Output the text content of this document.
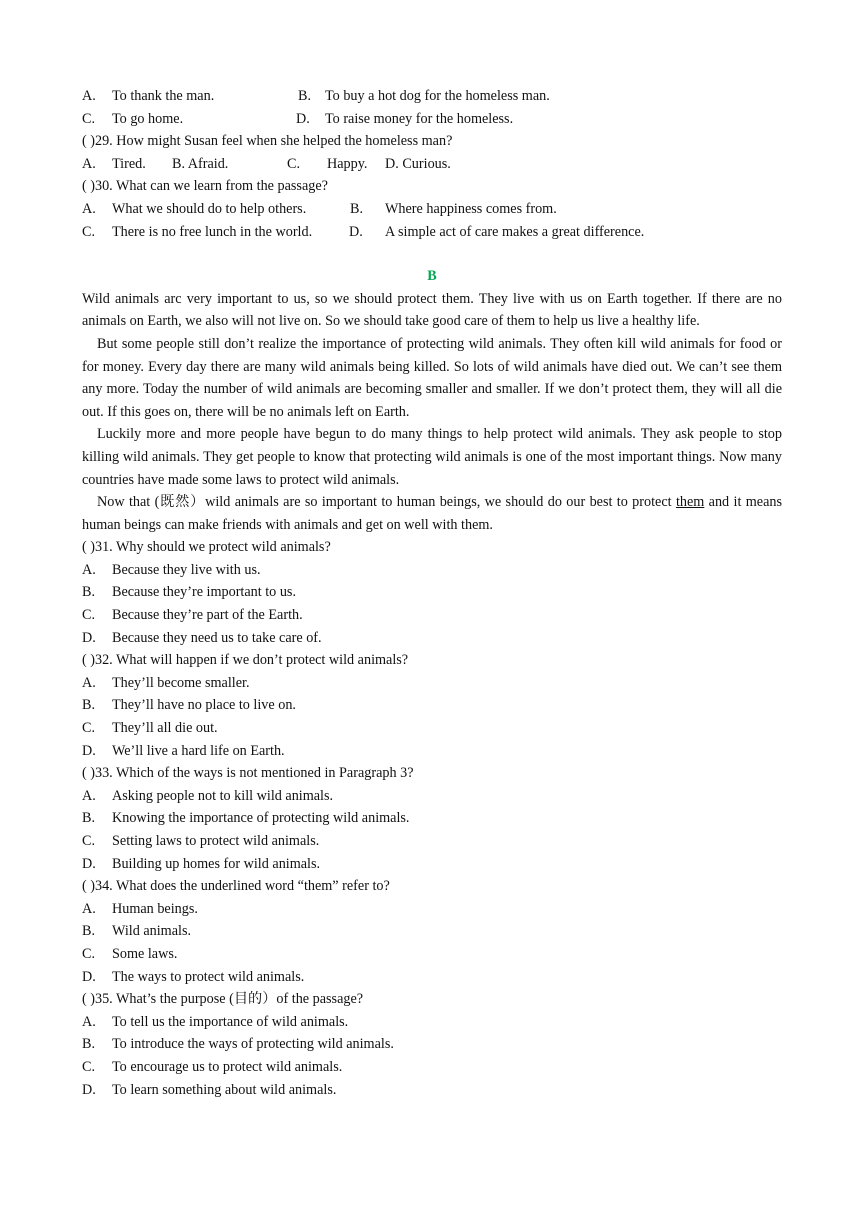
A. To thank the man.	B. To buy a hot dog for the homeless man.
C. To go home.	D. To raise money for the homeless.
( )29. How might Susan feel when she helped the homeless man?
A. Tired. B. Afraid.	C. Happy. D. Curious.
( )30. What can we learn from the passage?
A. What we should do to help others.	B. Where happiness comes from.
C. There is no free lunch in the world.	D. A simple act of care makes a great difference.
B
Wild animals arc very important to us, so we should protect them. They live with us on Earth together. If there are no animals on Earth, we also will not live on. So we should take good care of them to help us live a healthy life.
But some people still don’t realize the importance of protecting wild animals. They often kill wild animals for food or for money. Every day there are many wild animals being killed. So lots of wild animals have died out. We can’t see them any more. Today the number of wild animals are becoming smaller and smaller. If we don’t protect them, they will all die out. If this goes on, there will be no animals left on Earth.
Luckily more and more people have begun to do many things to help protect wild animals. They ask people to stop killing wild animals. They get people to know that protecting wild animals is one of the most important things. Now many countries have made some laws to protect wild animals.
Now that (既然）wild animals are so important to human beings, we should do our best to protect them and it means human beings can make friends with animals and get on well with them.
( )31. Why should we protect wild animals?
A. Because they live with us.
B. Because they’re important to us.
C. Because they’re part of the Earth.
D. Because they need us to take care of.
( )32. What will happen if we don’t protect wild animals?
A. They’ll become smaller.
B. They’ll have no place to live on.
C. They’ll all die out.
D. We’ll live a hard life on Earth.
( )33. Which of the ways is not mentioned in Paragraph 3?
A. Asking people not to kill wild animals.
B. Knowing the importance of protecting wild animals.
C. Setting laws to protect wild animals.
D. Building up homes for wild animals.
( )34. What does the underlined word “them” refer to?
A. Human beings.
B. Wild animals.
C. Some laws.
D. The ways to protect wild animals.
( )35. What’s the purpose (目的）of the passage?
A. To tell us the importance of wild animals.
B. To introduce the ways of protecting wild animals.
C. To encourage us to protect wild animals.
D. To learn something about wild animals.
